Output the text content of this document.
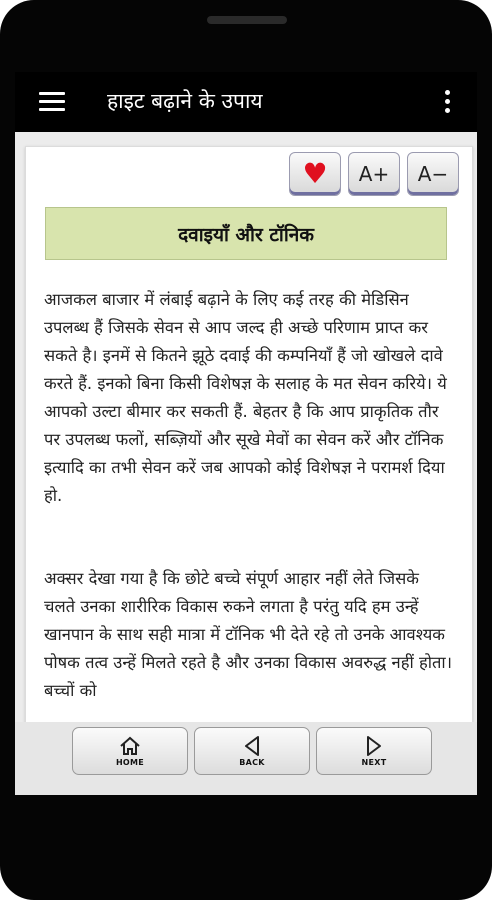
हाइट बढ़ाने के उपाय
♥	A+	A−
दवाइयाँ और टॉनिक

आजकल बाजार में लंबाई बढ़ाने के लिए कई तरह की मेडिसिन उपलब्ध हैं जिसके सेवन से आप जल्द ही अच्छे परिणाम प्राप्त कर सकते है। इनमें से कितने झूठे दवाई की कम्पनियाँ हैं जो खोखले दावे करते हैं. इनको बिना किसी विशेषज्ञ के सलाह के मत सेवन करिये। ये आपको उल्टा बीमार कर सकती हैं. बेहतर है कि आप प्राकृतिक तौर पर उपलब्ध फलों, सब्ज़ियों और सूखे मेवों का सेवन करें और टॉनिक इत्यादि का तभी सेवन करें जब आपको कोई विशेषज्ञ ने परामर्श दिया हो.

अक्सर देखा गया है कि छोटे बच्चे संपूर्ण आहार नहीं लेते जिसके चलते उनका शारीरिक विकास रुकने लगता है परंतु यदि हम उन्हें खानपान के साथ सही मात्रा में टॉनिक भी देते रहे तो उनके आवश्यक पोषक तत्व उन्हें मिलते रहते है और उनका विकास अवरुद्ध नहीं होता। बच्चों को

HOME	BACK	NEXT
